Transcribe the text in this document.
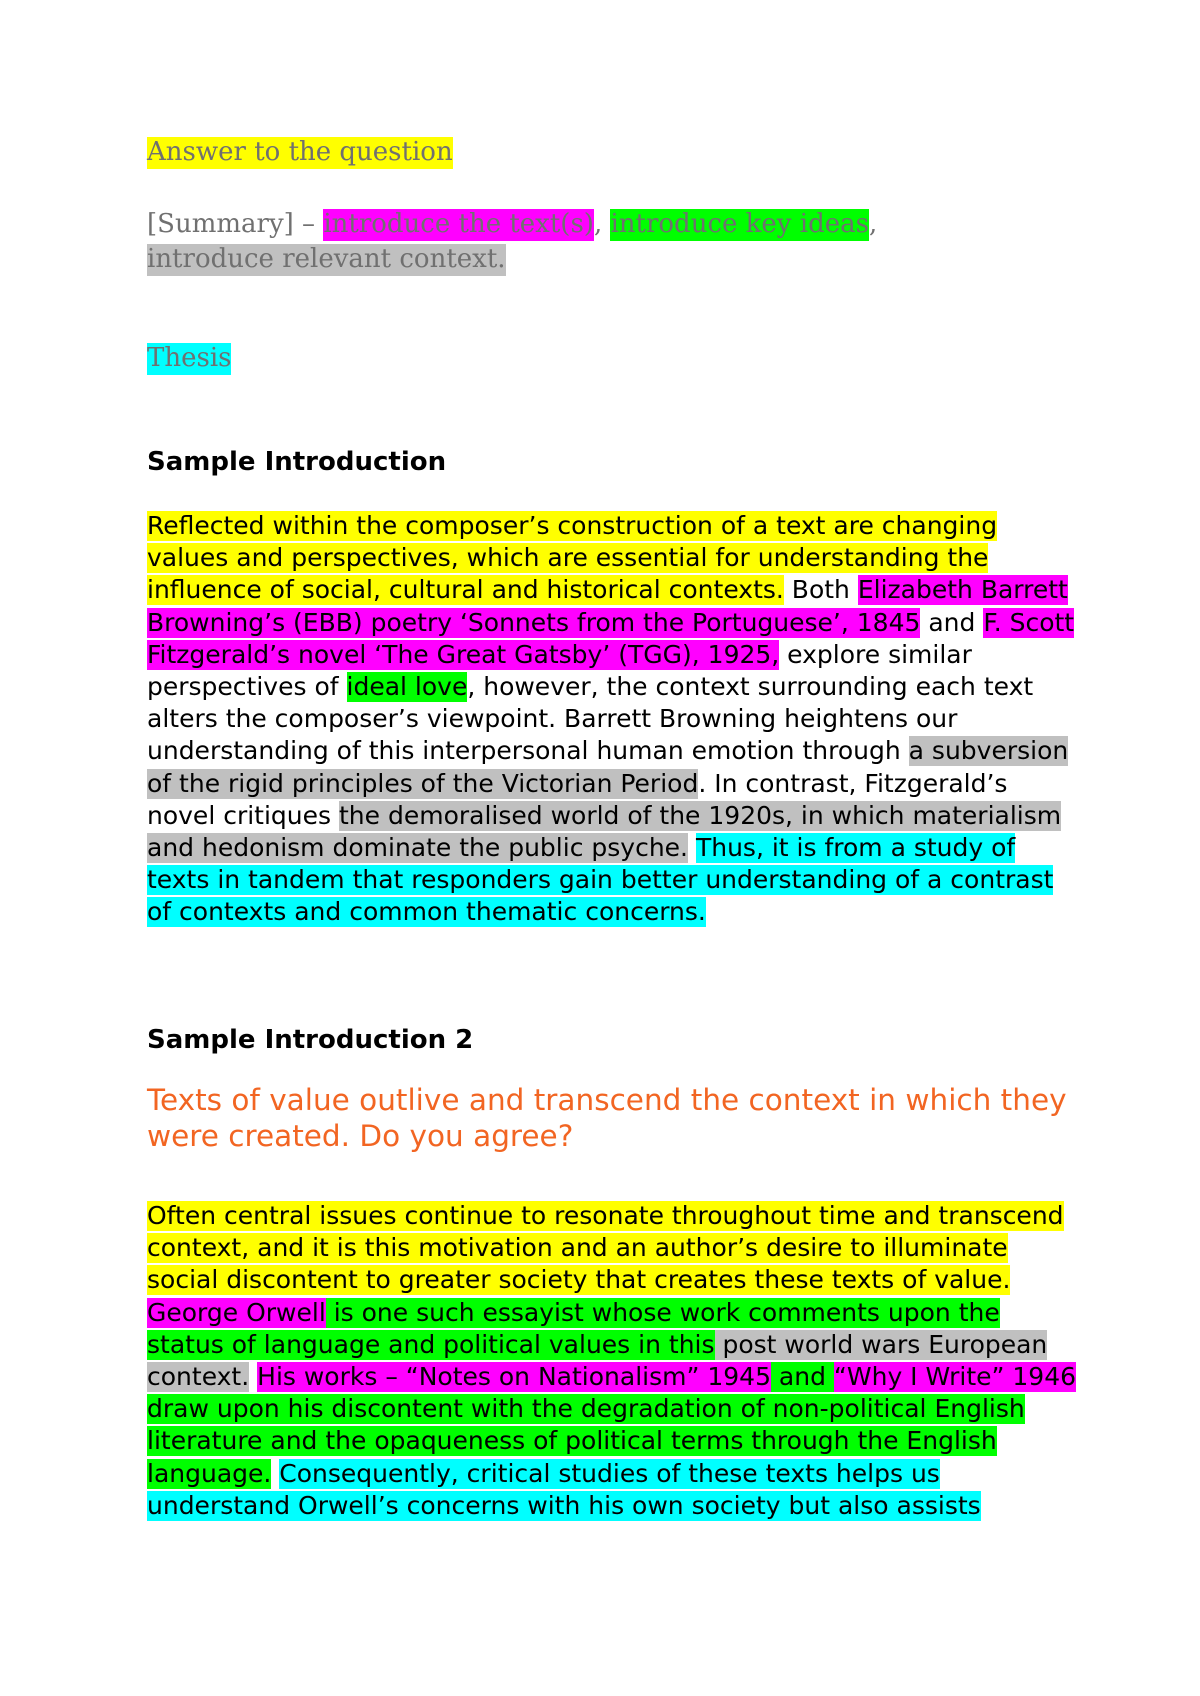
Answer to the question

[Summary] – introduce the text(s), introduce key ideas, introduce relevant context.

Thesis

Sample Introduction

Reflected within the composer’s construction of a text are changing values and perspectives, which are essential for understanding the influence of social, cultural and historical contexts. Both Elizabeth Barrett Browning’s (EBB) poetry ‘Sonnets from the Portuguese’, 1845 and F. Scott Fitzgerald’s novel ‘The Great Gatsby’ (TGG), 1925, explore similar perspectives of ideal love, however, the context surrounding each text alters the composer’s viewpoint. Barrett Browning heightens our understanding of this interpersonal human emotion through a subversion of the rigid principles of the Victorian Period. In contrast, Fitzgerald’s novel critiques the demoralised world of the 1920s, in which materialism and hedonism dominate the public psyche. Thus, it is from a study of texts in tandem that responders gain better understanding of a contrast of contexts and common thematic concerns.

Sample Introduction 2

Texts of value outlive and transcend the context in which they were created. Do you agree?

Often central issues continue to resonate throughout time and transcend context, and it is this motivation and an author’s desire to illuminate social discontent to greater society that creates these texts of value. George Orwell is one such essayist whose work comments upon the status of language and political values in this post world wars European context. His works – “Notes on Nationalism” 1945 and “Why I Write” 1946 draw upon his discontent with the degradation of non-political English literature and the opaqueness of political terms through the English language. Consequently, critical studies of these texts helps us understand Orwell’s concerns with his own society but also assists
